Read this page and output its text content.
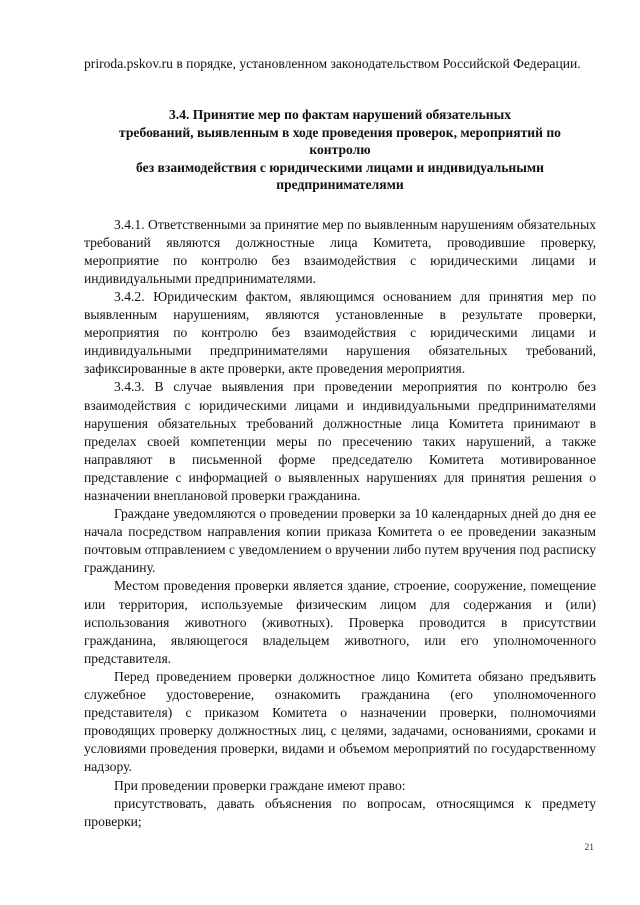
priroda.pskov.ru в порядке, установленном законодательством Российской Федерации.

3.4. Принятие мер по фактам нарушений обязательных
требований, выявленным в ходе проведения проверок, мероприятий по
контролю
без взаимодействия с юридическими лицами и индивидуальными
предпринимателями

3.4.1. Ответственными за принятие мер по выявленным нарушениям обязательных требований являются должностные лица Комитета, проводившие проверку, мероприятие по контролю без взаимодействия с юридическими лицами и индивидуальными предпринимателями.

3.4.2. Юридическим фактом, являющимся основанием для принятия мер по выявленным нарушениям, являются установленные в результате проверки, мероприятия по контролю без взаимодействия с юридическими лицами и индивидуальными предпринимателями нарушения обязательных требований, зафиксированные в акте проверки, акте проведения мероприятия.

3.4.3. В случае выявления при проведении мероприятия по контролю без взаимодействия с юридическими лицами и индивидуальными предпринимателями нарушения обязательных требований должностные лица Комитета принимают в пределах своей компетенции меры по пресечению таких нарушений, а также направляют в письменной форме председателю Комитета мотивированное представление с информацией о выявленных нарушениях для принятия решения о назначении внеплановой проверки гражданина.

Граждане уведомляются о проведении проверки за 10 календарных дней до дня ее начала посредством направления копии приказа Комитета о ее проведении заказным почтовым отправлением с уведомлением о вручении либо путем вручения под расписку гражданину.

Местом проведения проверки является здание, строение, сооружение, помещение или территория, используемые физическим лицом для содержания и (или) использования животного (животных). Проверка проводится в присутствии гражданина, являющегося владельцем животного, или его уполномоченного представителя.

Перед проведением проверки должностное лицо Комитета обязано предъявить служебное удостоверение, ознакомить гражданина (его уполномоченного представителя) с приказом Комитета о назначении проверки, полномочиями проводящих проверку должностных лиц, с целями, задачами, основаниями, сроками и условиями проведения проверки, видами и объемом мероприятий по государственному надзору.

При проведении проверки граждане имеют право:

присутствовать, давать объяснения по вопросам, относящимся к предмету проверки;

21
